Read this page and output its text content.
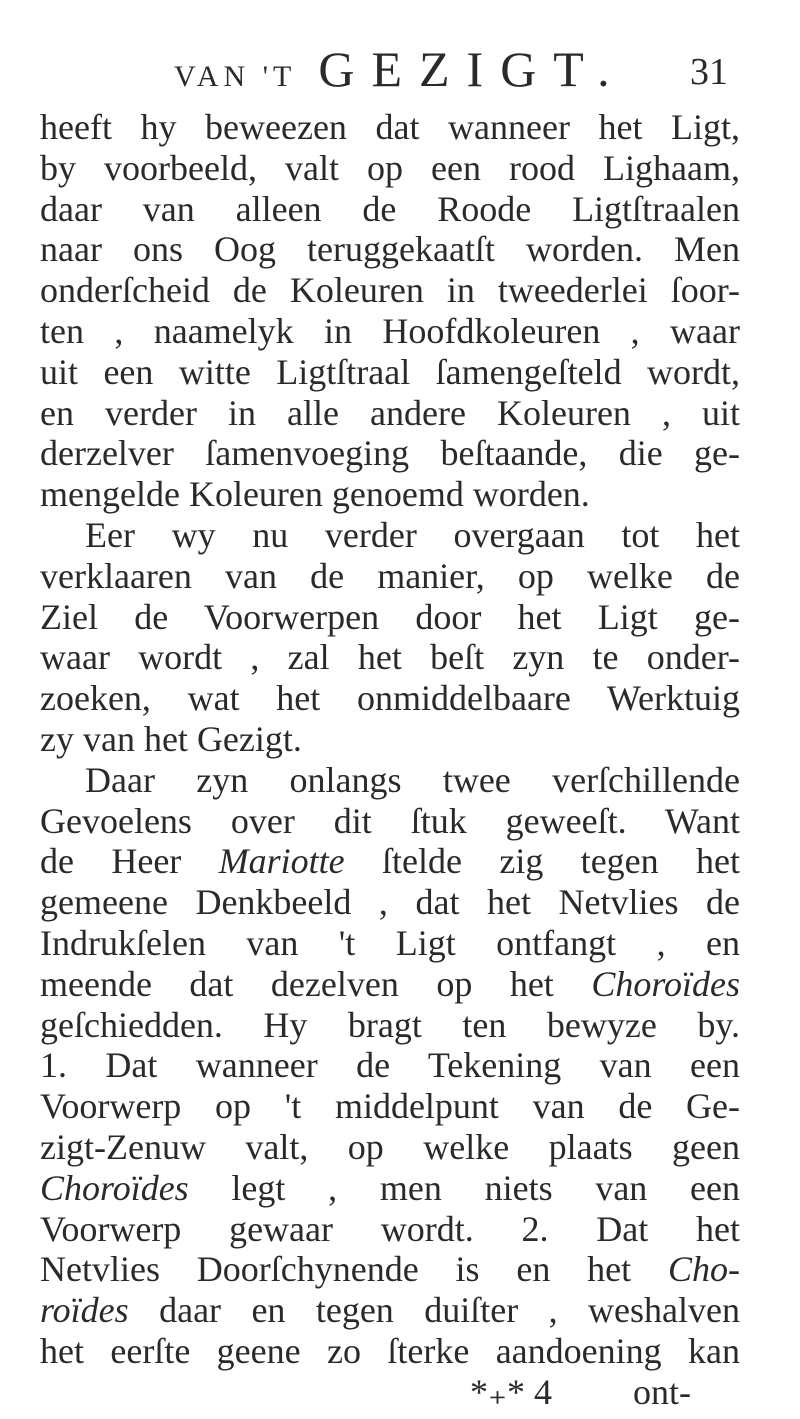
VAN 'T GEZIGT. 31
heeft hy beweezen dat wanneer het Ligt,
by voorbeeld, valt op een rood Lighaam,
daar van alleen de Roode Ligtſtraalen
naar ons Oog teruggekaatſt worden. Men
onderſcheid de Koleuren in tweederlei ſoor-
ten , naamelyk in Hoofdkoleuren , waar
uit een witte Ligtſtraal ſamengeſteld wordt,
en verder in alle andere Koleuren , uit
derzelver ſamenvoeging beſtaande, die ge-
mengelde Koleuren genoemd worden.
Eer wy nu verder overgaan tot het
verklaaren van de manier, op welke de
Ziel de Voorwerpen door het Ligt ge-
waar wordt , zal het beſt zyn te onder-
zoeken, wat het onmiddelbaare Werktuig
zy van het Gezigt.
Daar zyn onlangs twee verſchillende
Gevoelens over dit ſtuk geweeſt. Want
de Heer Mariotte ſtelde zig tegen het
gemeene Denkbeeld , dat het Netvlies de
Indrukſelen van 't Ligt ontfangt , en
meende dat dezelven op het Choroïdes
geſchiedden. Hy bragt ten bewyze by.
1. Dat wanneer de Tekening van een
Voorwerp op 't middelpunt van de Ge-
zigt-Zenuw valt, op welke plaats geen
Choroïdes legt , men niets van een
Voorwerp gewaar wordt. 2. Dat het
Netvlies Doorſchynende is en het Cho-
roïdes daar en tegen duiſter , weshalven
het eerſte geene zo ſterke aandoening kan
*₊* 4 ont-
